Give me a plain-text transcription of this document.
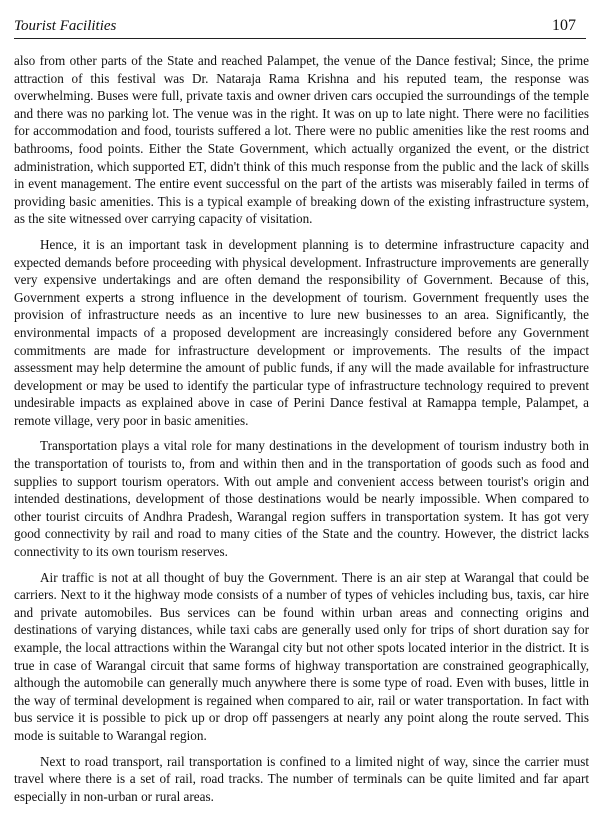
Tourist Facilities	107

also from other parts of the State and reached Palampet, the venue of the Dance festival; Since, the prime attraction of this festival was Dr. Nataraja Rama Krishna and his reputed team, the response was overwhelming. Buses were full, private taxis and owner driven cars occupied the surroundings of the temple and there was no parking lot. The venue was in the right. It was on up to late night. There were no facilities for accommodation and food, tourists suffered a lot. There were no public amenities like the rest rooms and bathrooms, food points. Either the State Government, which actually organized the event, or the district administration, which supported ET, didn't think of this much response from the public and the lack of skills in event management. The entire event successful on the part of the artists was miserably failed in terms of providing basic amenities. This is a typical example of breaking down of the existing infrastructure system, as the site witnessed over carrying capacity of visitation.

Hence, it is an important task in development planning is to determine infrastructure capacity and expected demands before proceeding with physical development. Infrastructure improvements are generally very expensive undertakings and are often demand the responsibility of Government. Because of this, Government experts a strong influence in the development of tourism. Government frequently uses the provision of infrastructure needs as an incentive to lure new businesses to an area. Significantly, the environmental impacts of a proposed development are increasingly considered before any Government commitments are made for infrastructure development or improvements. The results of the impact assessment may help determine the amount of public funds, if any will the made available for infrastructure development or may be used to identify the particular type of infrastructure technology required to prevent undesirable impacts as explained above in case of Perini Dance festival at Ramappa temple, Palampet, a remote village, very poor in basic amenities.

Transportation plays a vital role for many destinations in the development of tourism industry both in the transportation of tourists to, from and within then and in the transportation of goods such as food and supplies to support tourism operators. With out ample and convenient access between tourist's origin and intended destinations, development of those destinations would be nearly impossible. When compared to other tourist circuits of Andhra Pradesh, Warangal region suffers in transportation system. It has got very good connectivity by rail and road to many cities of the State and the country. However, the district lacks connectivity to its own tourism reserves.

Air traffic is not at all thought of buy the Government. There is an air step at Warangal that could be carriers. Next to it the highway mode consists of a number of types of vehicles including bus, taxis, car hire and private automobiles. Bus services can be found within urban areas and connecting origins and destinations of varying distances, while taxi cabs are generally used only for trips of short duration say for example, the local attractions within the Warangal city but not other spots located interior in the district. It is true in case of Warangal circuit that same forms of highway transportation are constrained geographically, although the automobile can generally much anywhere there is some type of road. Even with buses, little in the way of terminal development is regained when compared to air, rail or water transportation. In fact with bus service it is possible to pick up or drop off passengers at nearly any point along the route served. This mode is suitable to Warangal region.

Next to road transport, rail transportation is confined to a limited night of way, since the carrier must travel where there is a set of rail, road tracks. The number of terminals can be quite limited and far apart especially in non-urban or rural areas.
